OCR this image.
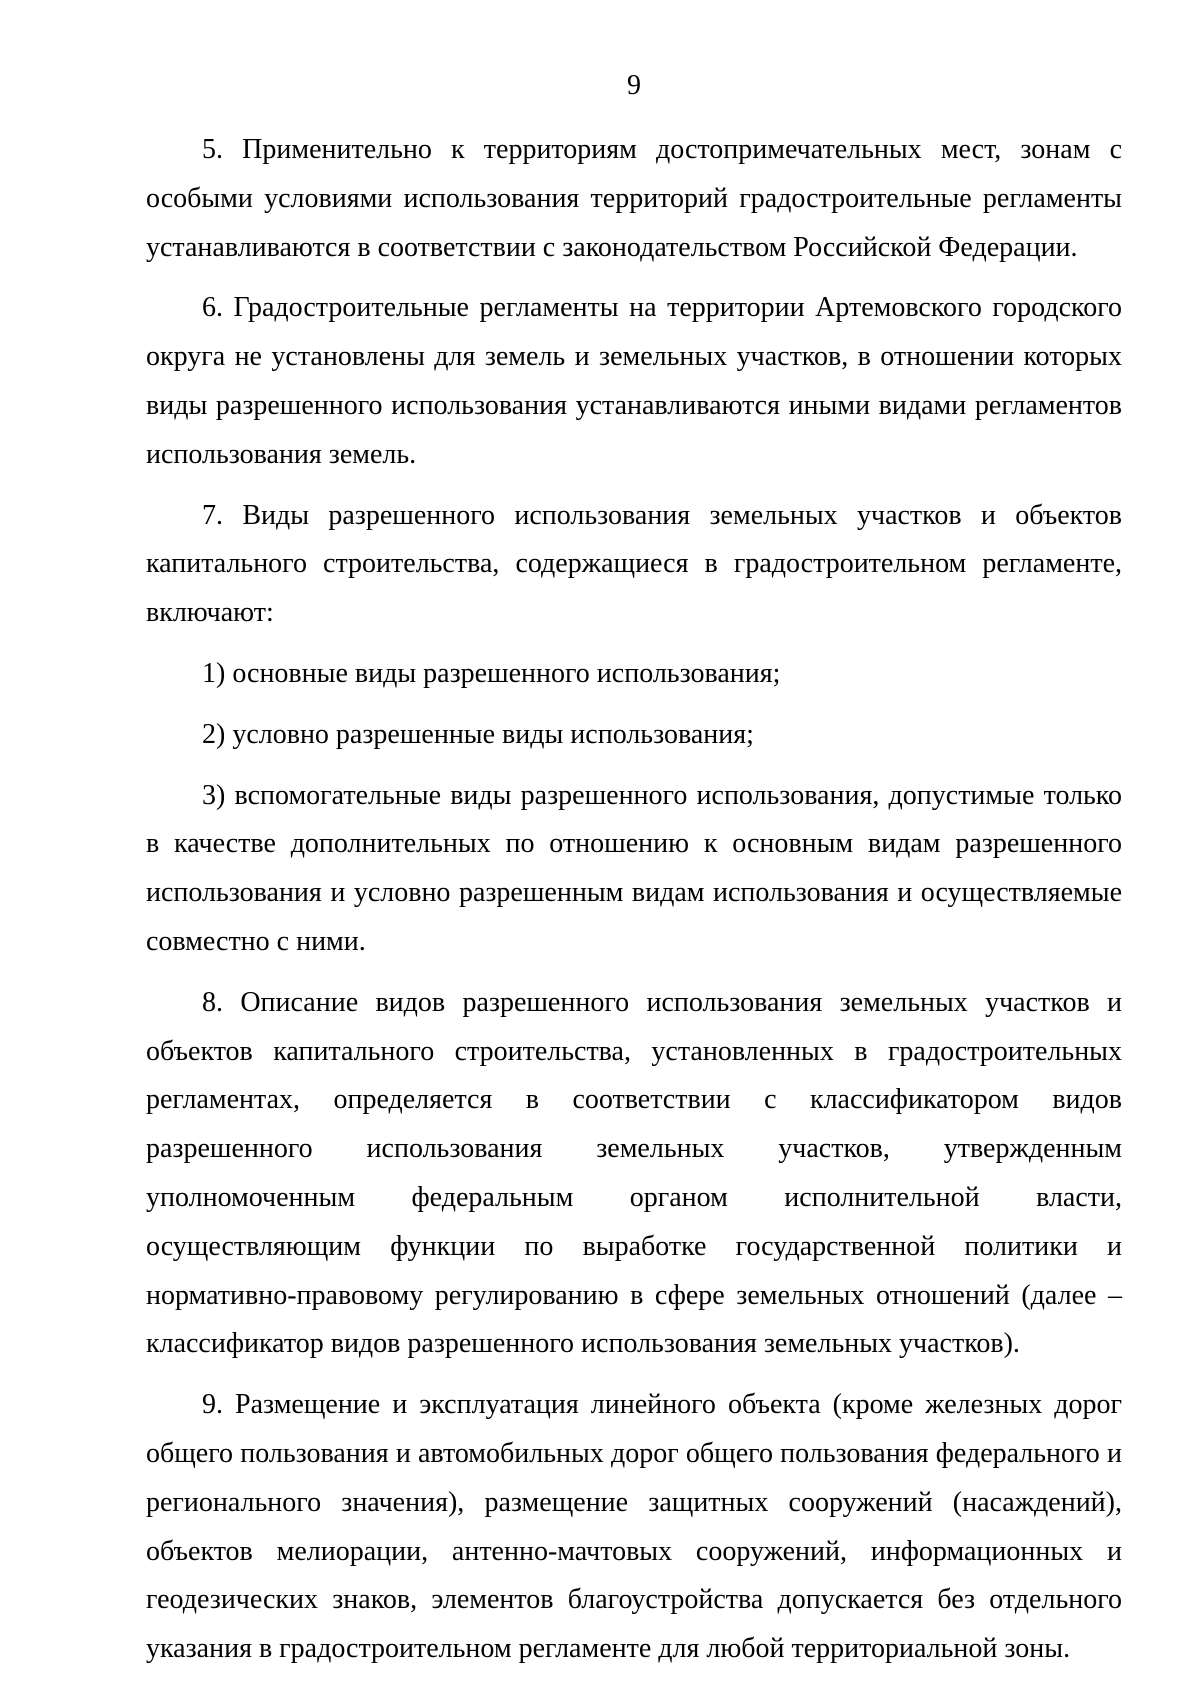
9

5. Применительно к территориям достопримечательных мест, зонам с особыми условиями использования территорий градостроительные регламенты устанавливаются в соответствии с законодательством Российской Федерации.

6. Градостроительные регламенты на территории Артемовского городского округа не установлены для земель и земельных участков, в отношении которых виды разрешенного использования устанавливаются иными видами регламентов использования земель.

7. Виды разрешенного использования земельных участков и объектов капитального строительства, содержащиеся в градостроительном регламенте, включают:

1) основные виды разрешенного использования;

2) условно разрешенные виды использования;

3) вспомогательные виды разрешенного использования, допустимые только в качестве дополнительных по отношению к основным видам разрешенного использования и условно разрешенным видам использования и осуществляемые совместно с ними.

8. Описание видов разрешенного использования земельных участков и объектов капитального строительства, установленных в градостроительных регламентах, определяется в соответствии с классификатором видов разрешенного использования земельных участков, утвержденным уполномоченным федеральным органом исполнительной власти, осуществляющим функции по выработке государственной политики и нормативно-правовому регулированию в сфере земельных отношений (далее – классификатор видов разрешенного использования земельных участков).

9. Размещение и эксплуатация линейного объекта (кроме железных дорог общего пользования и автомобильных дорог общего пользования федерального и регионального значения), размещение защитных сооружений (насаждений), объектов мелиорации, антенно-мачтовых сооружений, информационных и геодезических знаков, элементов благоустройства допускается без отдельного указания в градостроительном регламенте для любой территориальной зоны.
